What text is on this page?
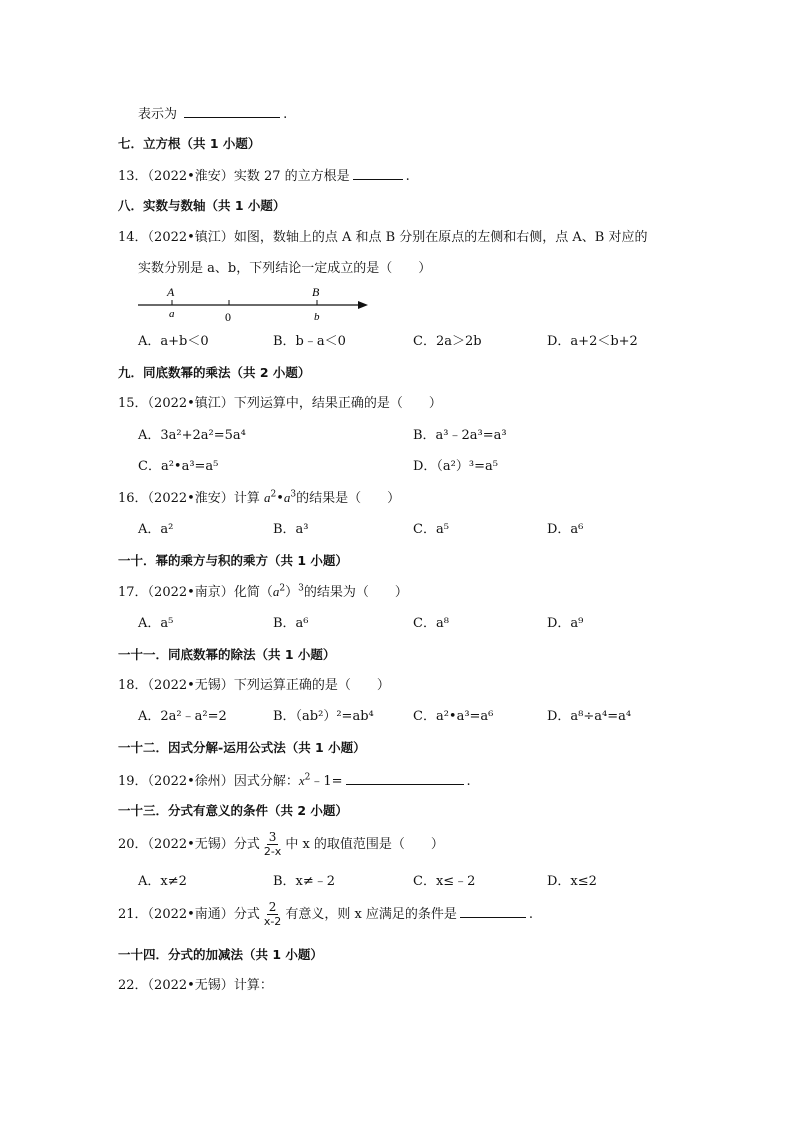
表示为	.
七．立方根（共 1 小题）
13．（2022•淮安）实数 27 的立方根是	.
八．实数与数轴（共 1 小题）
14．（2022•镇江）如图，数轴上的点 A 和点 B 分别在原点的左侧和右侧，点 A、B 对应的
实数分别是 a、b，下列结论一定成立的是（　　）
A
a	0
B
b
A．a+b＜0	B．b﹣a＜0	C．2a＞2b	D．a+2＜b+2
九．同底数幂的乘法（共 2 小题）
15．（2022•镇江）下列运算中，结果正确的是（　　）
A．3a²+2a²=5a⁴	B．a³﹣2a³=a³
C．a²•a³=a⁵	D．（a²）³=a⁵
16．（2022•淮安）计算 $a^2•a^3$的结果是（　　）
A．a²	B．a³	C．a⁵	D．a⁶
一十．幂的乘方与积的乘方（共 1 小题）
17．（2022•南京）化简$(a^2)^3$的结果为（　　）
A．a⁵	B．a⁶	C．a⁸	D．a⁹
一十一．同底数幂的除法（共 1 小题）
18．（2022•无锡）下列运算正确的是（　　）
A．2a²﹣a²=2	B．（ab²）²=ab⁴	C．a²•a³=a⁶	D．a⁸÷a⁴=a⁴
一十二．因式分解-运用公式法（共 1 小题）
19．（2022•徐州）因式分解：$x^2﹣1=$	.
一十三．分式有意义的条件（共 2 小题）
20．（2022•无锡）分式 $\frac{3}{2-x}$ 中 x 的取值范围是（　　）
A．x≠2	B．x≠﹣2	C．x≤﹣2	D．x≤2
21．（2022•南通）分式 $\frac{2}{x-2}$ 有意义，则 x 应满足的条件是	.
一十四．分式的加减法（共 1 小题）
22．（2022•无锡）计算：
